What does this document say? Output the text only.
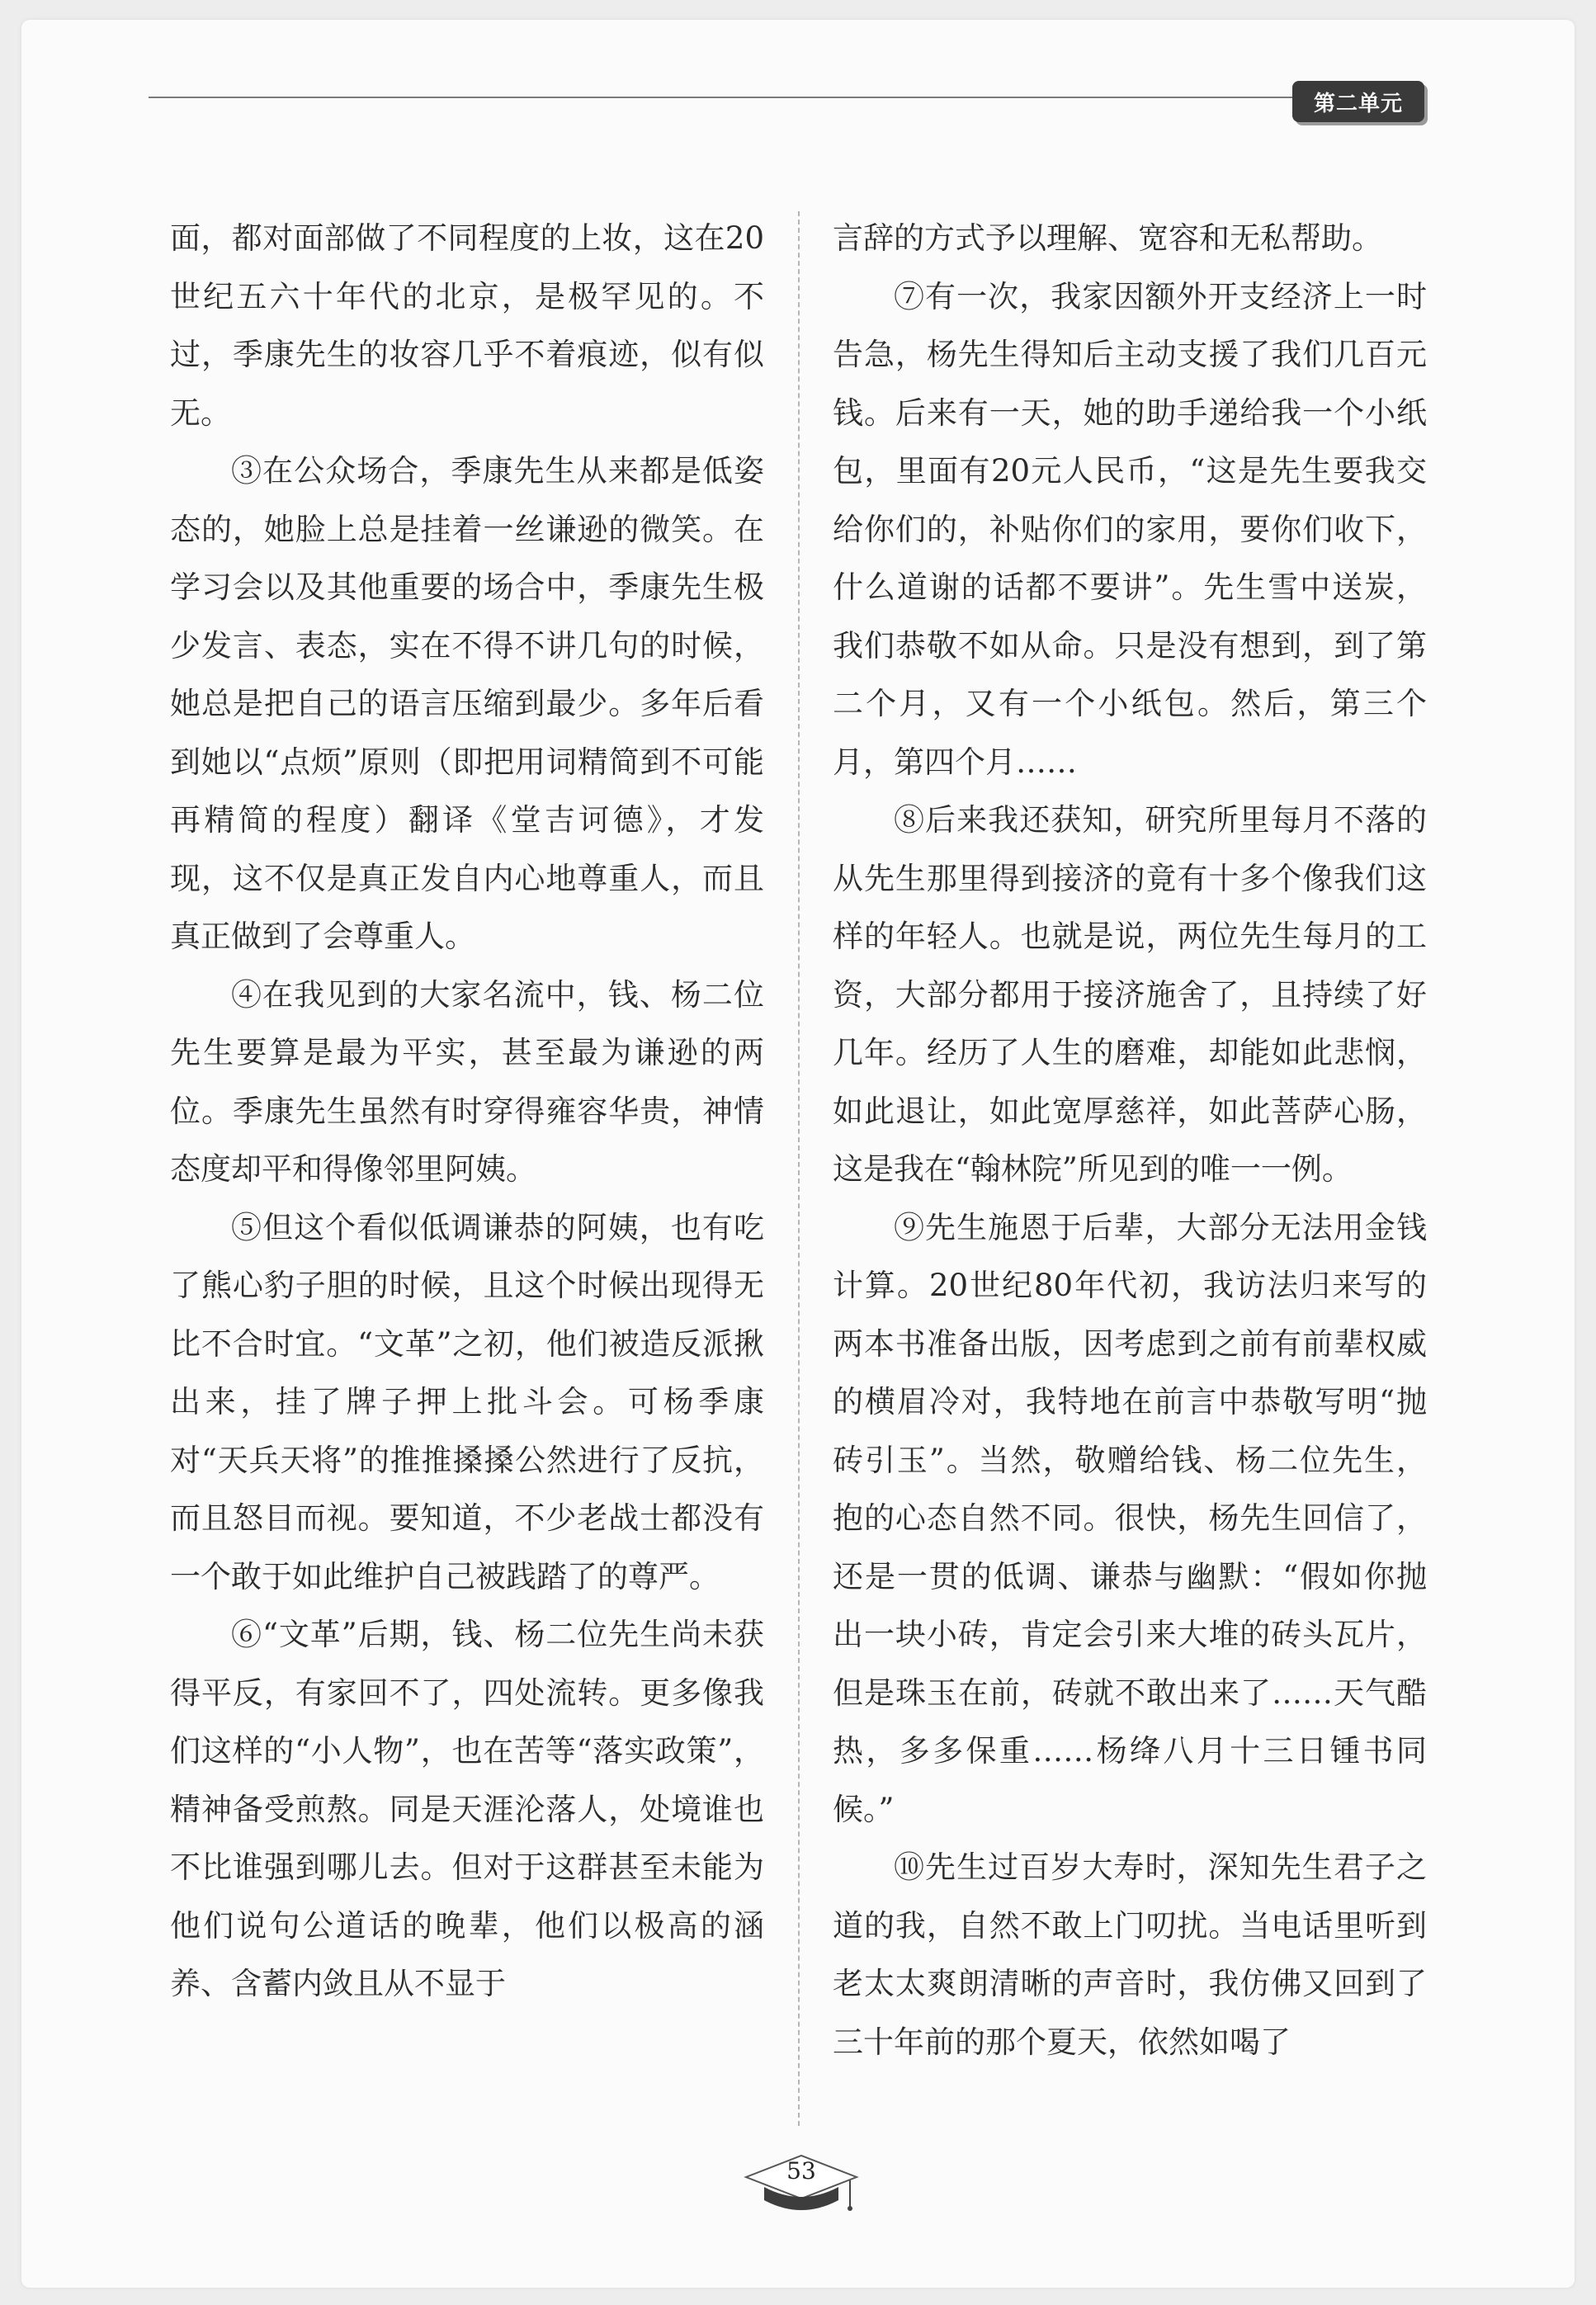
第二单元

面，都对面部做了不同程度的上妆，这在20世纪五六十年代的北京，是极罕见的。不过，季康先生的妆容几乎不着痕迹，似有似无。

③在公众场合，季康先生从来都是低姿态的，她脸上总是挂着一丝谦逊的微笑。在学习会以及其他重要的场合中，季康先生极少发言、表态，实在不得不讲几句的时候，她总是把自己的语言压缩到最少。多年后看到她以“点烦”原则（即把用词精简到不可能再精简的程度）翻译《堂吉诃德》，才发现，这不仅是真正发自内心地尊重人，而且真正做到了会尊重人。

④在我见到的大家名流中，钱、杨二位先生要算是最为平实，甚至最为谦逊的两位。季康先生虽然有时穿得雍容华贵，神情态度却平和得像邻里阿姨。

⑤但这个看似低调谦恭的阿姨，也有吃了熊心豹子胆的时候，且这个时候出现得无比不合时宜。“文革”之初，他们被造反派揪出来，挂了牌子押上批斗会。可杨季康对“天兵天将”的推推搡搡公然进行了反抗，而且怒目而视。要知道，不少老战士都没有一个敢于如此维护自己被践踏了的尊严。

⑥“文革”后期，钱、杨二位先生尚未获得平反，有家回不了，四处流转。更多像我们这样的“小人物”，也在苦等“落实政策”，精神备受煎熬。同是天涯沦落人，处境谁也不比谁强到哪儿去。但对于这群甚至未能为他们说句公道话的晚辈，他们以极高的涵养、含蓄内敛且从不显于

言辞的方式予以理解、宽容和无私帮助。

⑦有一次，我家因额外开支经济上一时告急，杨先生得知后主动支援了我们几百元钱。后来有一天，她的助手递给我一个小纸包，里面有20元人民币，“这是先生要我交给你们的，补贴你们的家用，要你们收下，什么道谢的话都不要讲”。先生雪中送炭，我们恭敬不如从命。只是没有想到，到了第二个月，又有一个小纸包。然后，第三个月，第四个月……

⑧后来我还获知，研究所里每月不落的从先生那里得到接济的竟有十多个像我们这样的年轻人。也就是说，两位先生每月的工资，大部分都用于接济施舍了，且持续了好几年。经历了人生的磨难，却能如此悲悯，如此退让，如此宽厚慈祥，如此菩萨心肠，这是我在“翰林院”所见到的唯一一例。

⑨先生施恩于后辈，大部分无法用金钱计算。20世纪80年代初，我访法归来写的两本书准备出版，因考虑到之前有前辈权威的横眉冷对，我特地在前言中恭敬写明“抛砖引玉”。当然，敬赠给钱、杨二位先生，抱的心态自然不同。很快，杨先生回信了，还是一贯的低调、谦恭与幽默：“假如你抛出一块小砖，肯定会引来大堆的砖头瓦片，但是珠玉在前，砖就不敢出来了……天气酷热，多多保重……杨绛八月十三日锺书同候。”

⑩先生过百岁大寿时，深知先生君子之道的我，自然不敢上门叨扰。当电话里听到老太太爽朗清晰的声音时，我仿佛又回到了三十年前的那个夏天，依然如喝了

53
